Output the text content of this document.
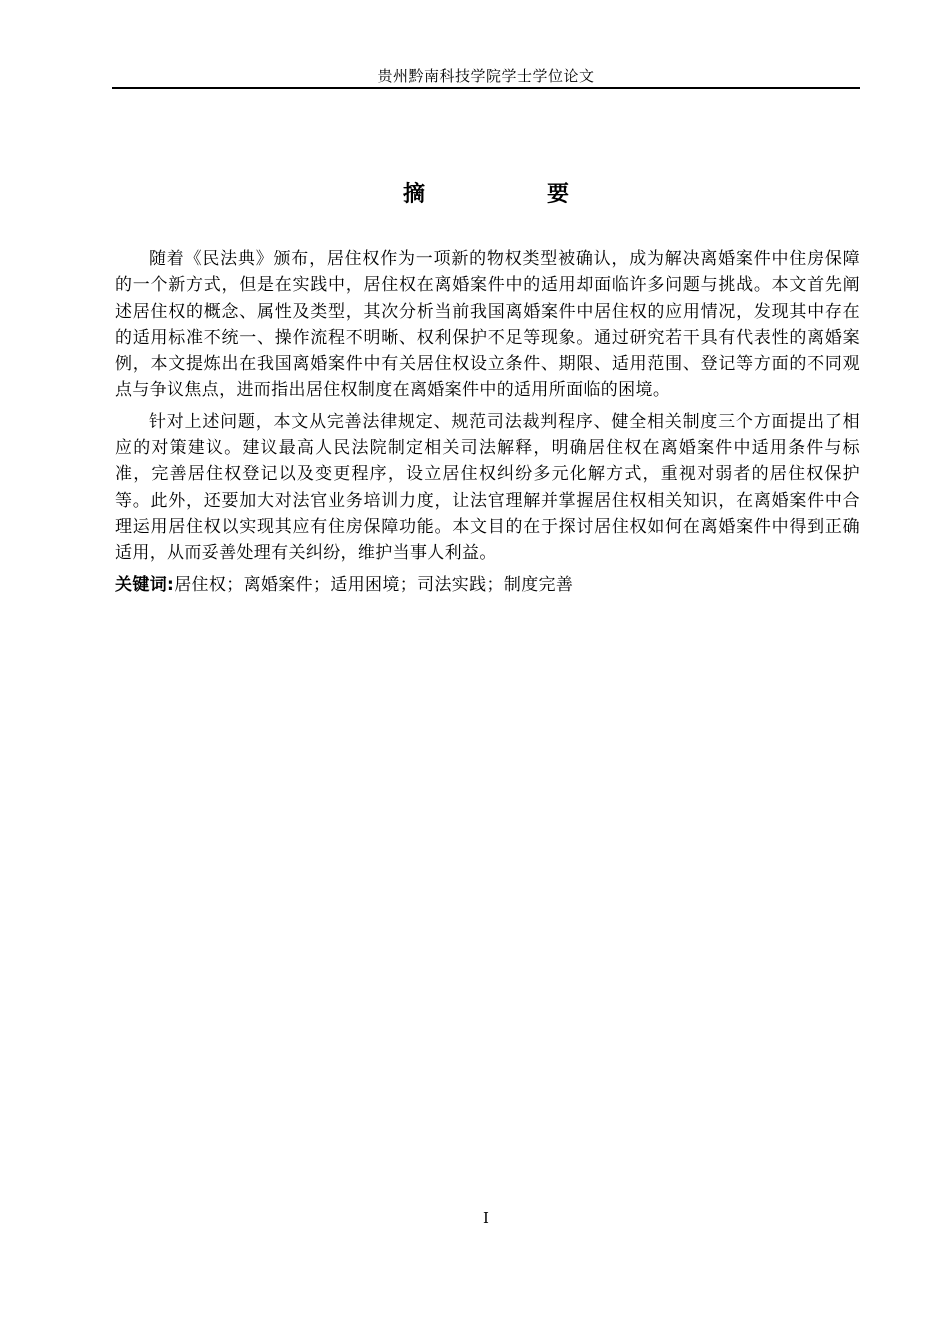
贵州黔南科技学院学士学位论文
摘　要

随着《民法典》颁布，居住权作为一项新的物权类型被确认，成为解决离婚案件中住房保障的一个新方式，但是在实践中，居住权在离婚案件中的适用却面临许多问题与挑战。本文首先阐述居住权的概念、属性及类型，其次分析当前我国离婚案件中居住权的应用情况，发现其中存在的适用标准不统一、操作流程不明晰、权利保护不足等现象。通过研究若干具有代表性的离婚案例，本文提炼出在我国离婚案件中有关居住权设立条件、期限、适用范围、登记等方面的不同观点与争议焦点，进而指出居住权制度在离婚案件中的适用所面临的困境。

针对上述问题，本文从完善法律规定、规范司法裁判程序、健全相关制度三个方面提出了相应的对策建议。建议最高人民法院制定相关司法解释，明确居住权在离婚案件中适用条件与标准，完善居住权登记以及变更程序，设立居住权纠纷多元化解方式，重视对弱者的居住权保护等。此外，还要加大对法官业务培训力度，让法官理解并掌握居住权相关知识，在离婚案件中合理运用居住权以实现其应有住房保障功能。本文目的在于探讨居住权如何在离婚案件中得到正确适用，从而妥善处理有关纠纷，维护当事人利益。

关键词:居住权；离婚案件；适用困境；司法实践；制度完善

I
